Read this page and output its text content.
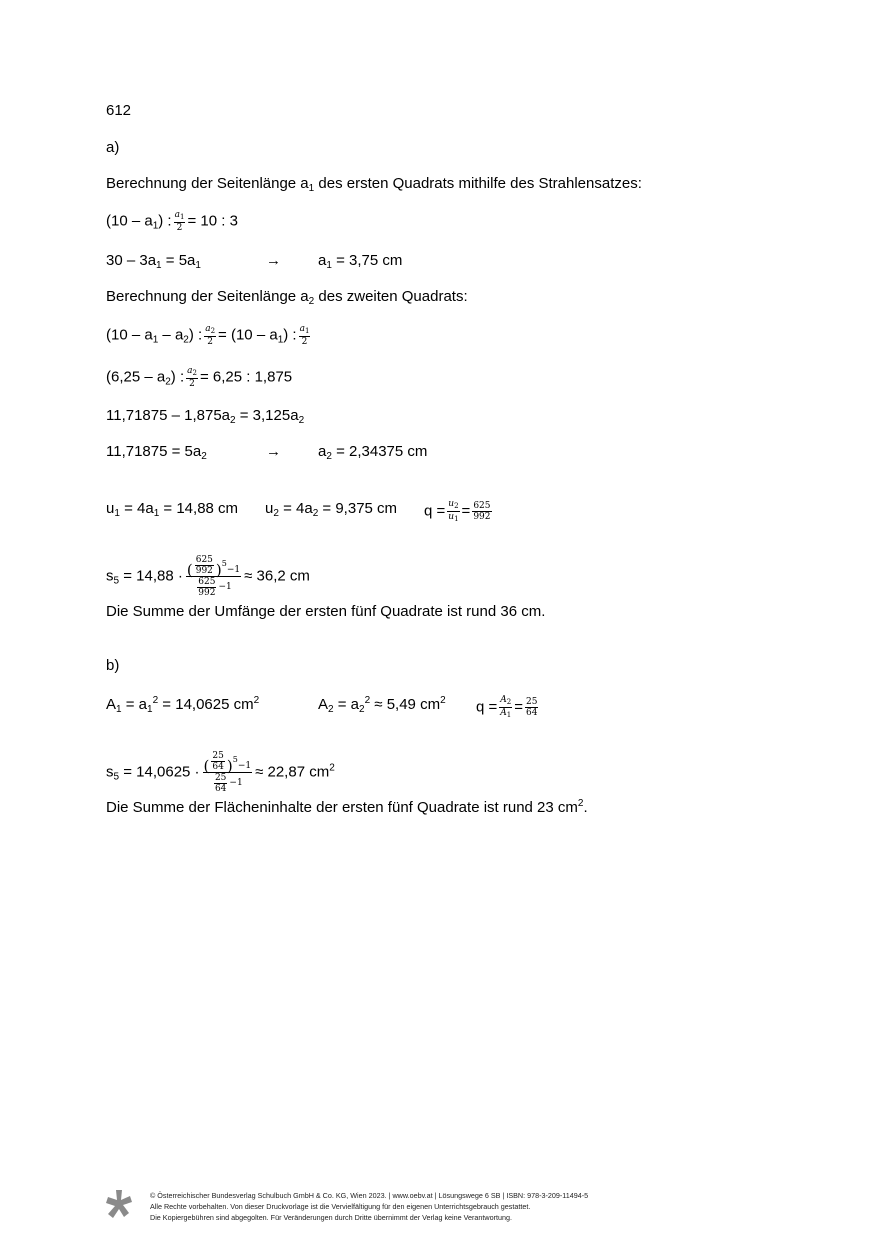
612
a)
Berechnung der Seitenlänge $a_1$ des ersten Quadrats mithilfe des Strahlensatzes:
$(10 - a_1)$ : $\frac{a_1}{2} = 10$ : 3
$30 - 3a_1 = 5a_1$	→ $a_1 = 3,75$ cm
Berechnung der Seitenlänge $a_2$ des zweiten Quadrats:
$(10 - a_1 - a_2)$ : $\frac{a_2}{2} = (10 - a_1)$ : $\frac{a_1}{2}$
$(6,25 - a_2)$ : $\frac{a_2}{2} = 6,25$ : 1,875
$11,71875 - 1,875a_2 = 3,125a_2$
$11,71875 = 5a_2$	→ $a_2 = 2,34375$ cm
$u_1 = 4a_1 = 14,88$ cm $u_2 = 4a_2 = 9,375$ cm $q = \frac{u_2}{u_1} = \frac{625}{992}$
$s_5 = 14,88$ · ( $\frac{625}{992}$ ) 5
−1
$\frac{625}{992} -1 \approx 36,2$ cm
Die Summe der Umfänge der ersten fünf Quadrate ist rund 36 cm.
b)
$A_1 = a_1^2 = 14,0625$ $cm^2$	$A_2 = a_2^2 \approx 5,49$ $cm^2$ $q = \frac{A_2}{A_1} = \frac{25}{64}$
$s_5 = 14,0625$ · ( $\frac{25}{64}$ ) 5
−1
$\frac{25}{64} -1 \approx 22,87$ $cm^2$
Die Summe der Flächeninhalte der ersten fünf Quadrate ist rund 23 $cm^2$.
© Österreichischer Bundesverlag Schulbuch GmbH & Co. KG, Wien 2023. | www.oebv.at | Lösungswege 6 SB | ISBN: 978-3-209-11494-5
Alle Rechte vorbehalten. Von dieser Druckvorlage ist die Vervielfältigung für den eigenen Unterrichtsgebrauch gestattet.
Die Kopiergebühren sind abgegolten. Für Veränderungen durch Dritte übernimmt der Verlag keine Verantwortung.
